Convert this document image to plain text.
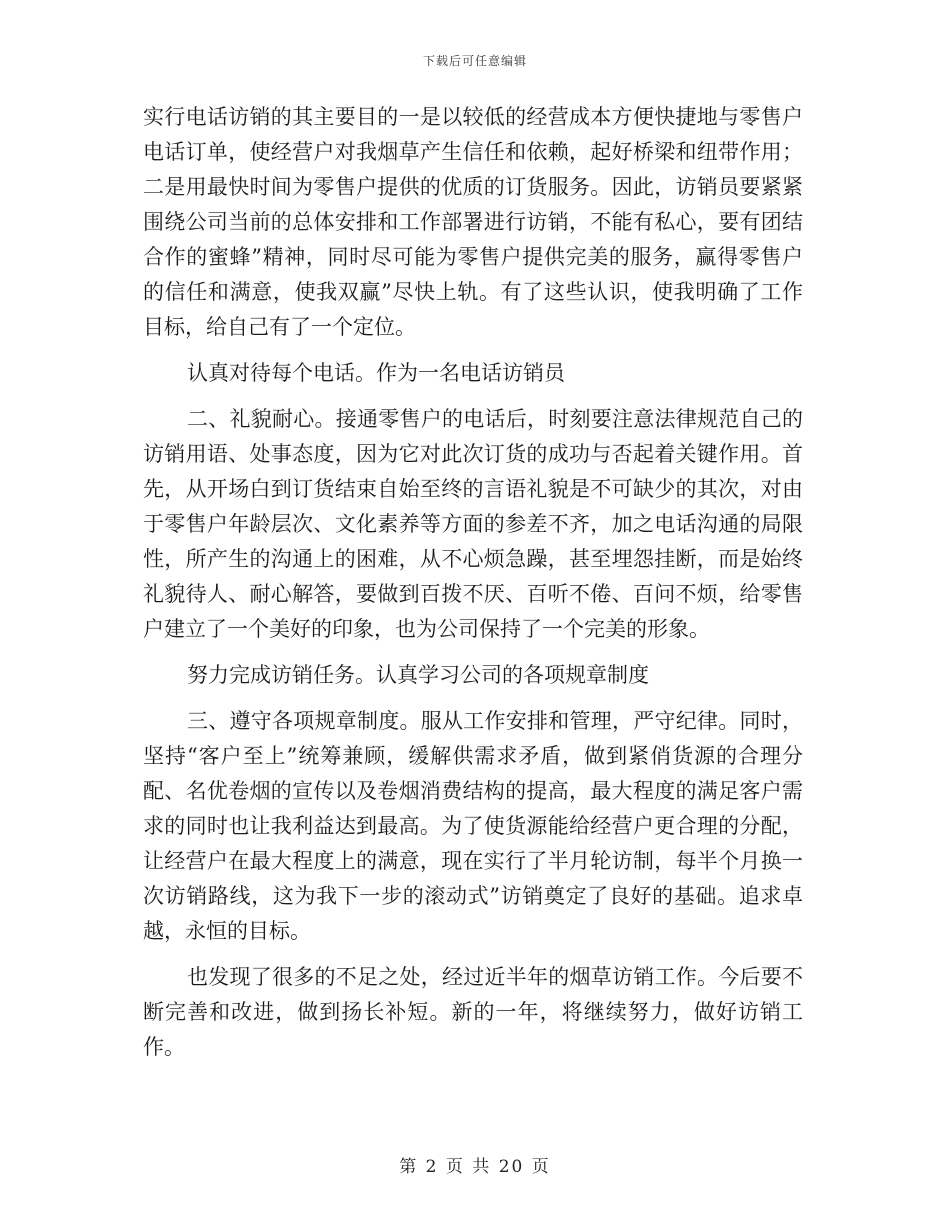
下载后可任意编辑

实行电话访销的其主要目的一是以较低的经营成本方便快捷地与零售户电话订单，使经营户对我烟草产生信任和依赖，起好桥梁和纽带作用；二是用最快时间为零售户提供的优质的订货服务。因此，访销员要紧紧围绕公司当前的总体安排和工作部署进行访销，不能有私心，要有团结合作的蜜蜂”精神，同时尽可能为零售户提供完美的服务，赢得零售户的信任和满意，使我双赢”尽快上轨。有了这些认识，使我明确了工作目标，给自己有了一个定位。

认真对待每个电话。作为一名电话访销员

二、礼貌耐心。接通零售户的电话后，时刻要注意法律规范自己的访销用语、处事态度，因为它对此次订货的成功与否起着关键作用。首先，从开场白到订货结束自始至终的言语礼貌是不可缺少的其次，对由于零售户年龄层次、文化素养等方面的参差不齐，加之电话沟通的局限性，所产生的沟通上的困难，从不心烦急躁，甚至埋怨挂断，而是始终礼貌待人、耐心解答，要做到百拨不厌、百听不倦、百问不烦，给零售户建立了一个美好的印象，也为公司保持了一个完美的形象。

努力完成访销任务。认真学习公司的各项规章制度

三、遵守各项规章制度。服从工作安排和管理，严守纪律。同时，坚持“客户至上”统筹兼顾，缓解供需求矛盾，做到紧俏货源的合理分配、名优卷烟的宣传以及卷烟消费结构的提高，最大程度的满足客户需求的同时也让我利益达到最高。为了使货源能给经营户更合理的分配，让经营户在最大程度上的满意，现在实行了半月轮访制，每半个月换一次访销路线，这为我下一步的滚动式”访销奠定了良好的基础。追求卓越，永恒的目标。

也发现了很多的不足之处，经过近半年的烟草访销工作。今后要不断完善和改进，做到扬长补短。新的一年，将继续努力，做好访销工作。

第 2 页 共 20 页
